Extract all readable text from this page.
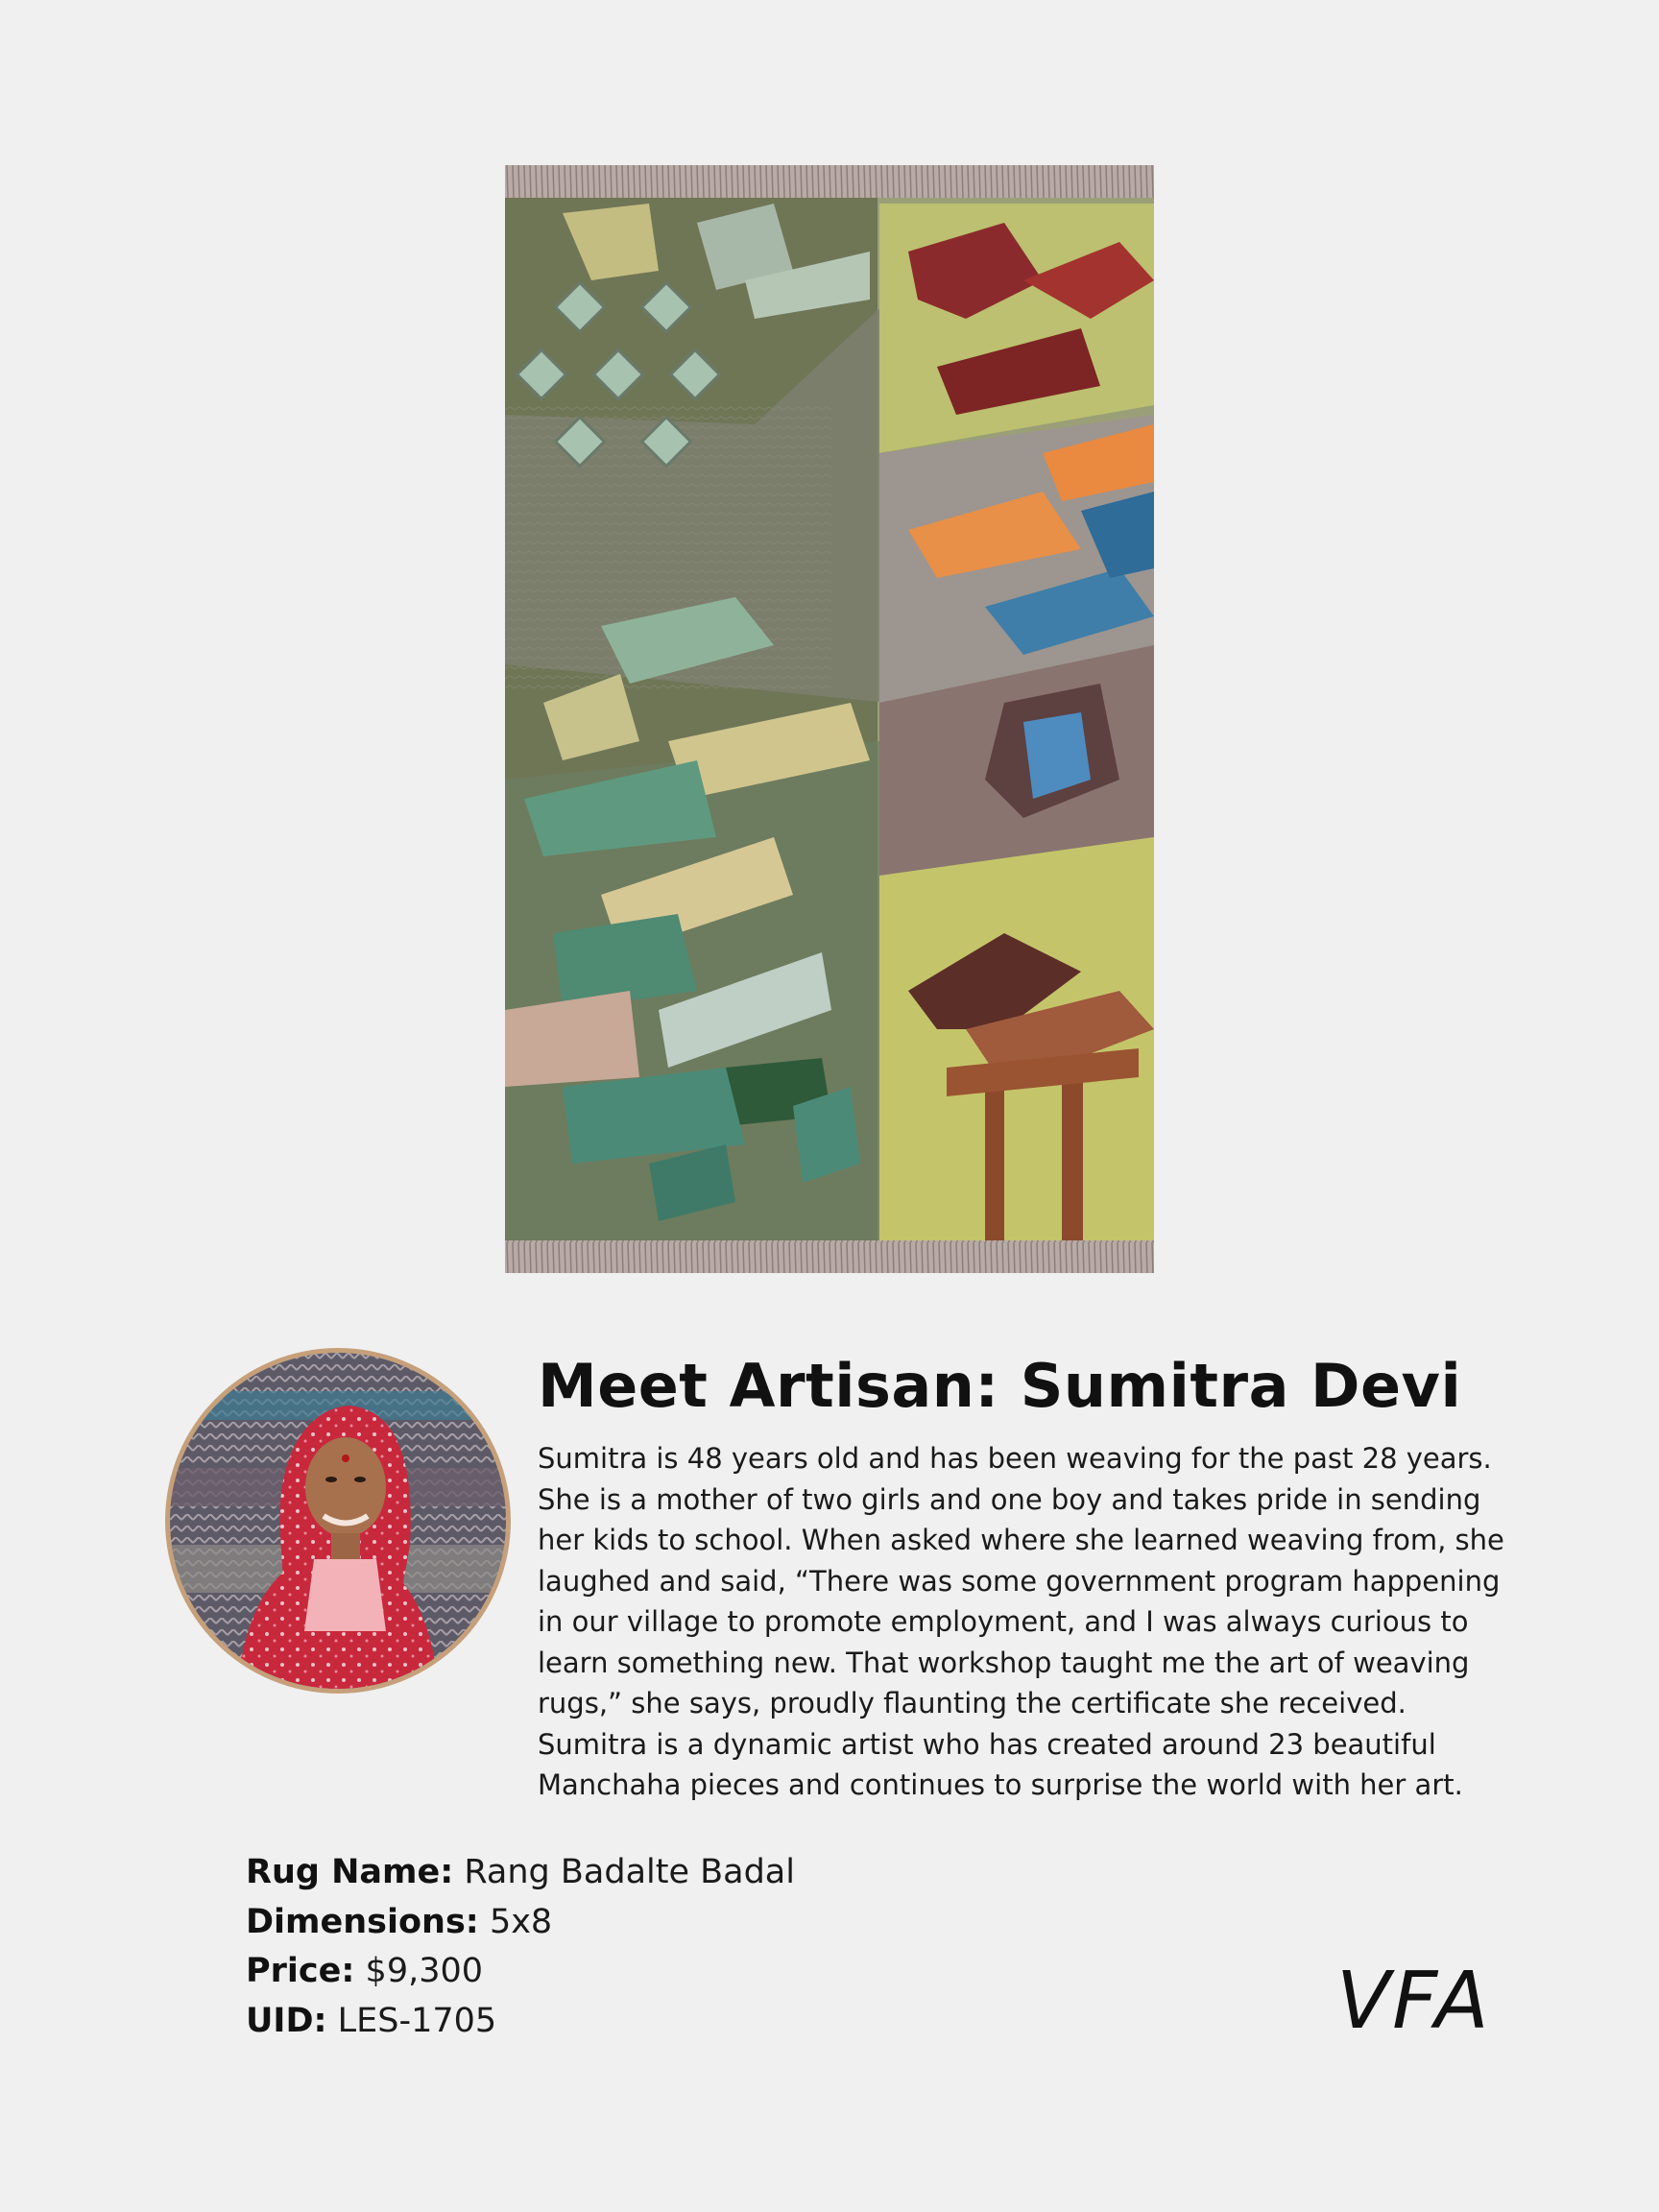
Meet Artisan: Sumitra Devi

Sumitra is 48 years old and has been weaving for the past 28 years. She is a mother of two girls and one boy and takes pride in sending her kids to school. When asked where she learned weaving from, she laughed and said, “There was some government program happening in our village to promote employment, and I was always curious to learn something new. That workshop taught me the art of weaving rugs,” she says, proudly flaunting the certificate she received. Sumitra is a dynamic artist who has created around 23 beautiful Manchaha pieces and continues to surprise the world with her art.

Rug Name: Rang Badalte Badal
Dimensions: 5x8
Price: $9,300
UID: LES-1705	VFA
